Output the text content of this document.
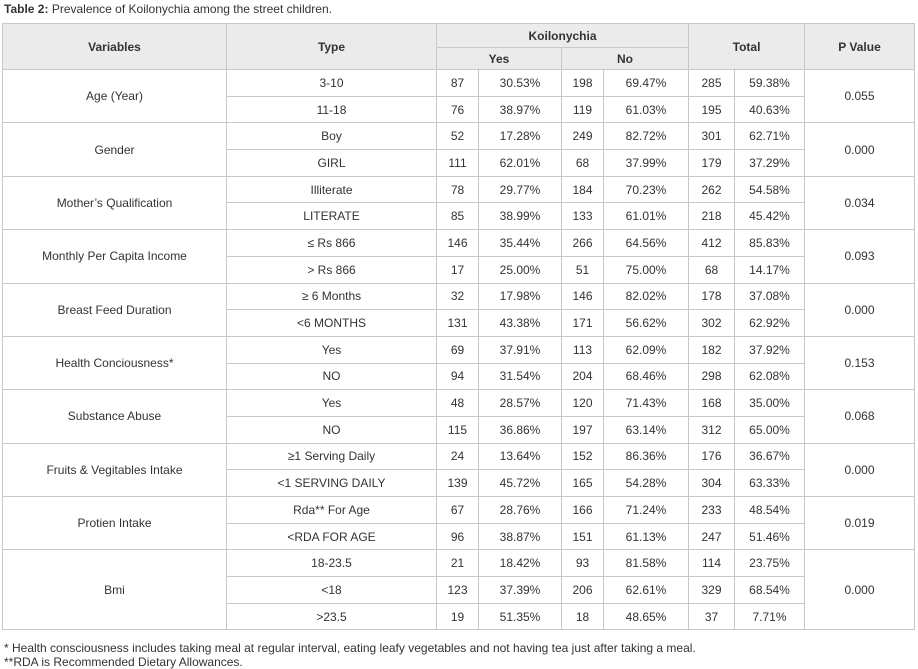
Table 2: Prevalence of Koilonychia among the street children.
Variables	Type	Koilonychia				Total		P Value
		Yes		No				
Age (Year)	3-10	87	30.53%	198	69.47%	285	59.38%	0.055
	11-18	76	38.97%	119	61.03%	195	40.63%	
Gender	Boy	52	17.28%	249	82.72%	301	62.71%	0.000
	GIRL	111	62.01%	68	37.99%	179	37.29%	
Mother’s Qualification	Illiterate	78	29.77%	184	70.23%	262	54.58%	0.034
	LITERATE	85	38.99%	133	61.01%	218	45.42%	
Monthly Per Capita Income	≤ Rs 866	146	35.44%	266	64.56%	412	85.83%	0.093
	> Rs 866	17	25.00%	51	75.00%	68	14.17%	
Breast Feed Duration	≥ 6 Months	32	17.98%	146	82.02%	178	37.08%	0.000
	<6 MONTHS	131	43.38%	171	56.62%	302	62.92%	
Health Conciousness*	Yes	69	37.91%	113	62.09%	182	37.92%	0.153
	NO	94	31.54%	204	68.46%	298	62.08%	
Substance Abuse	Yes	48	28.57%	120	71.43%	168	35.00%	0.068
	NO	115	36.86%	197	63.14%	312	65.00%	
Fruits & Vegitables Intake	≥1 Serving Daily	24	13.64%	152	86.36%	176	36.67%	0.000
	<1 SERVING DAILY	139	45.72%	165	54.28%	304	63.33%	
Protien Intake	Rda** For Age	67	28.76%	166	71.24%	233	48.54%	0.019
	<RDA FOR AGE	96	38.87%	151	61.13%	247	51.46%	
Bmi	18-23.5	21	18.42%	93	81.58%	114	23.75%	0.000
	<18	123	37.39%	206	62.61%	329	68.54%	
	>23.5	19	51.35%	18	48.65%	37	7.71%	
* Health consciousness includes taking meal at regular interval, eating leafy vegetables and not having tea just after taking a meal.
**RDA is Recommended Dietary Allowances.
